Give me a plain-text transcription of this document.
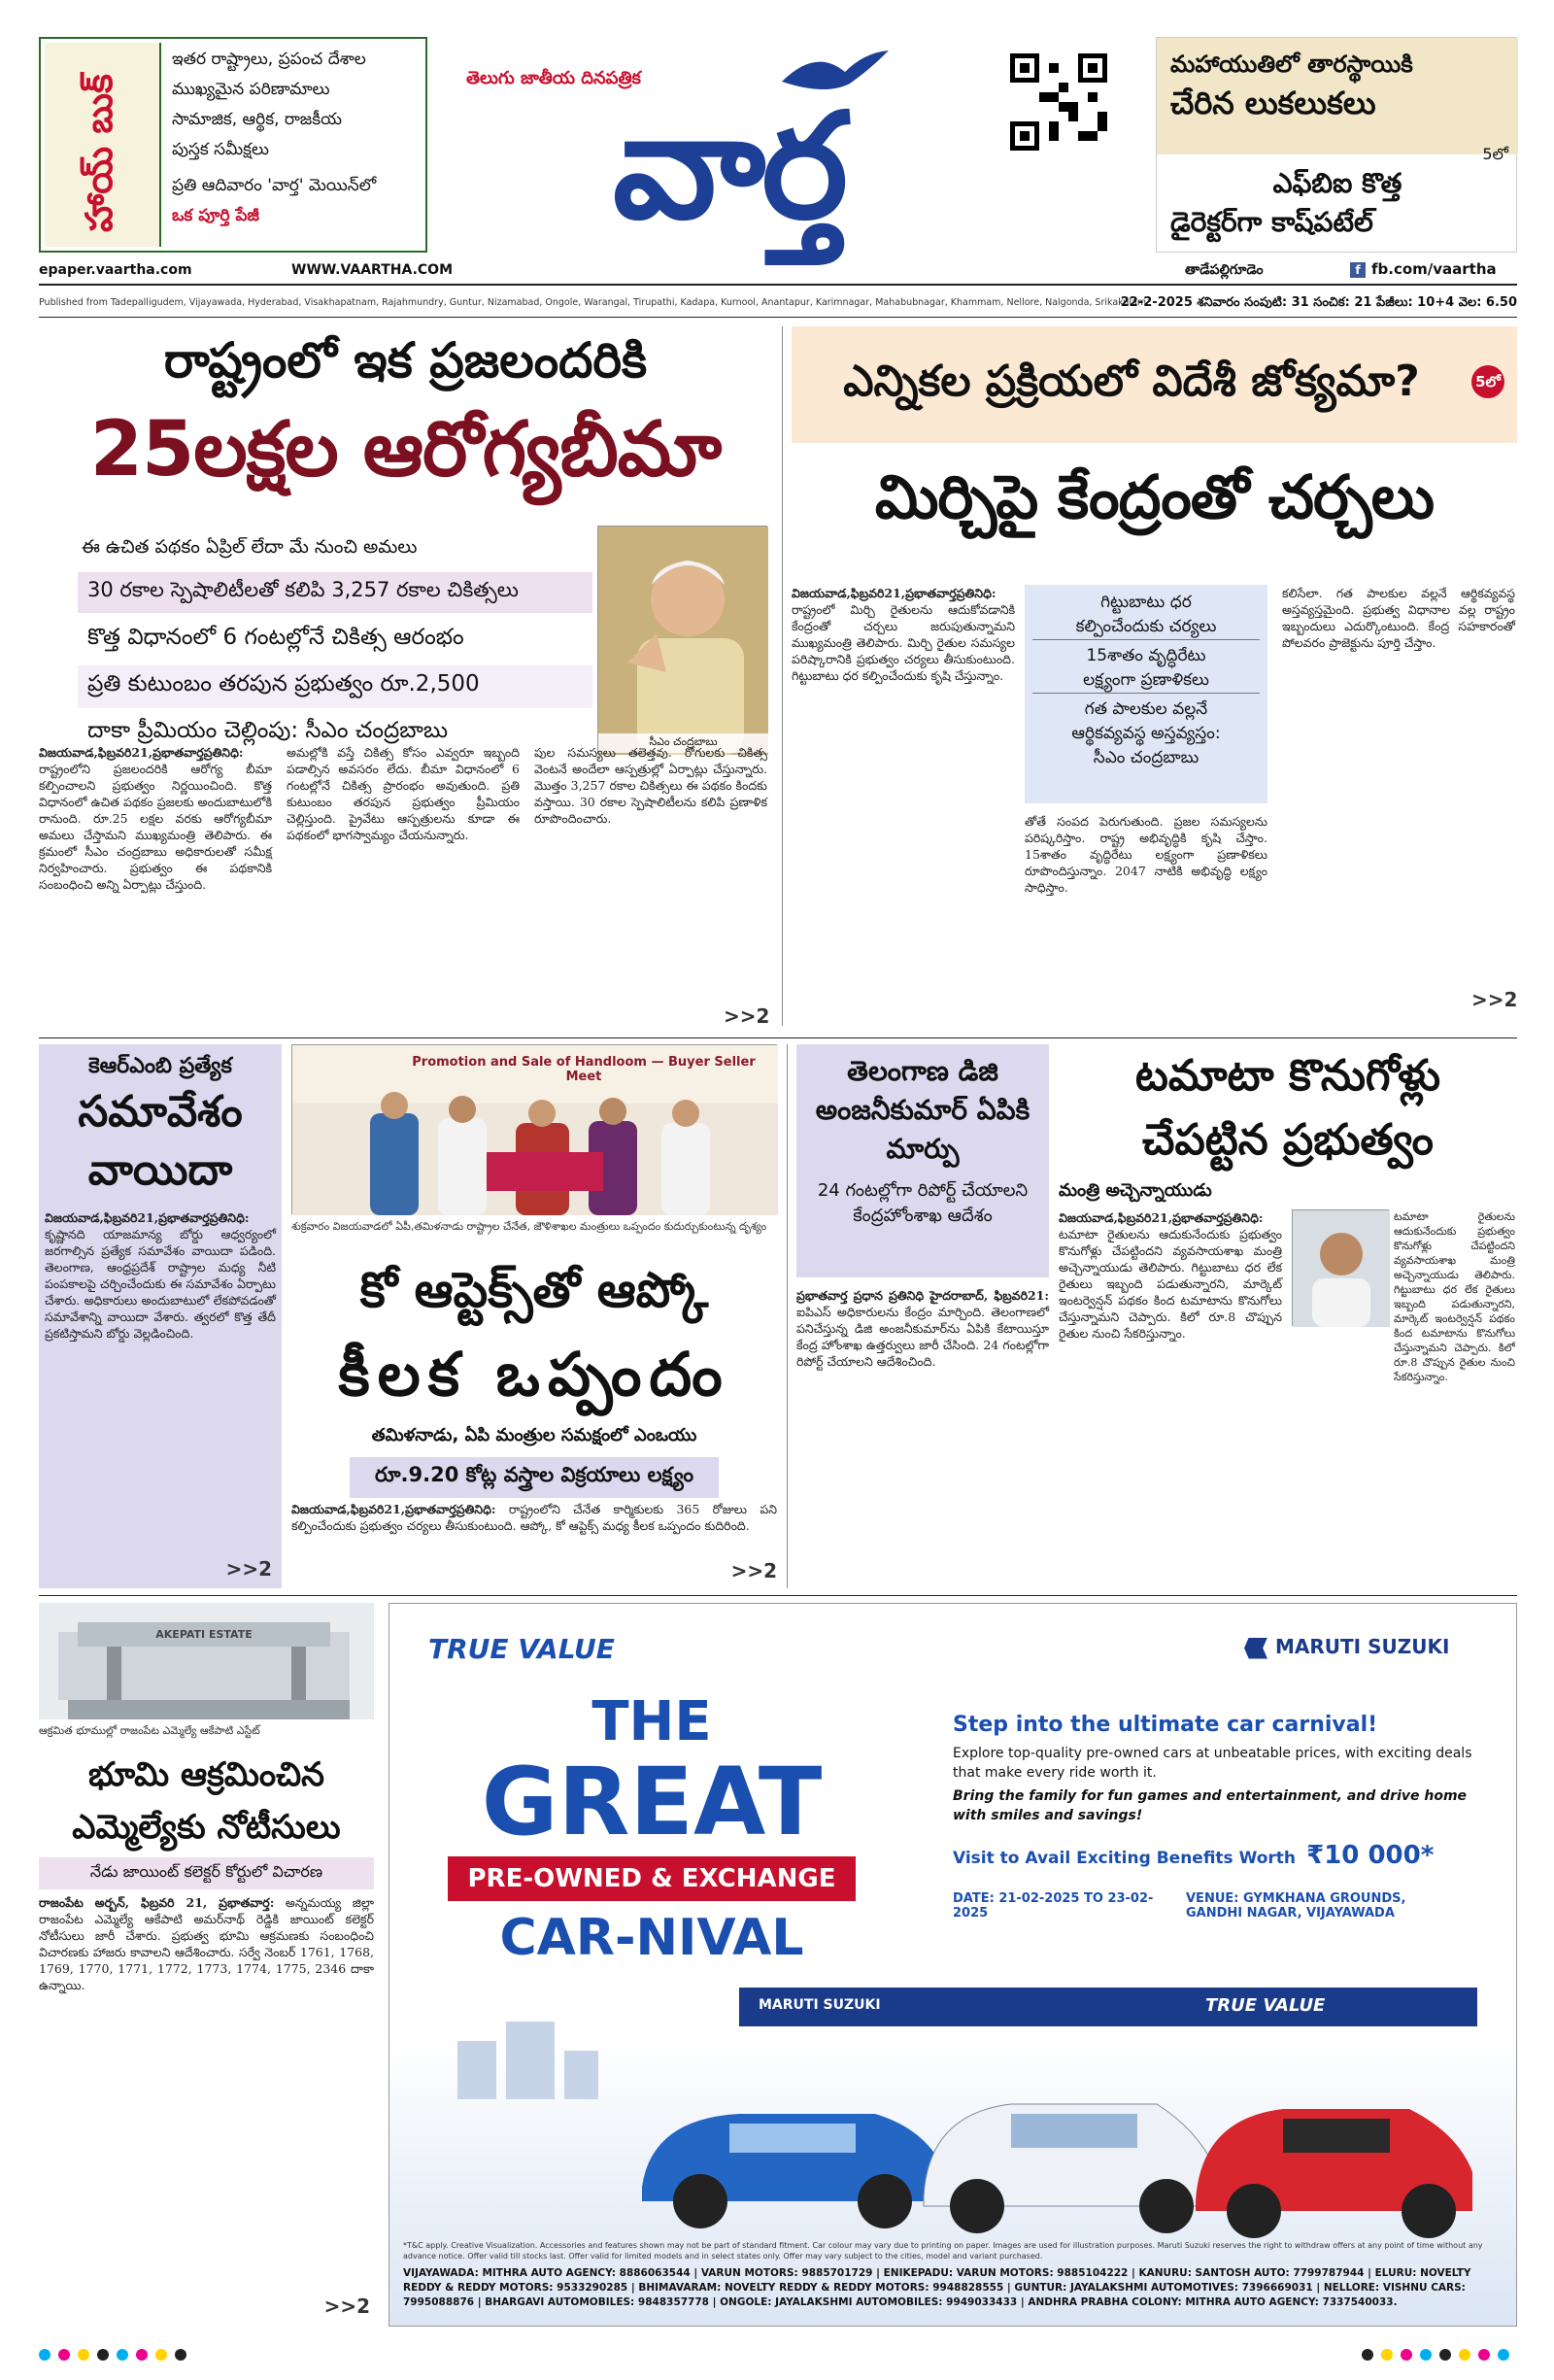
హాయ్ బుక్
ఇతర రాష్ట్రాలు, ప్రపంచ దేశాల
ముఖ్యమైన పరిణామాలు
సామాజిక, ఆర్థిక, రాజకీయ
పుస్తక సమీక్షలు
ప్రతి ఆదివారం 'వార్త' మెయిన్‌లో
ఒక పూర్తి పేజీ
epaper.vaartha.com
తెలుగు జాతీయ దినపత్రిక
వార్త
WWW.VAARTHA.COM
మహాయుతిలో తారస్థాయికి
చేరిన లుకలుకలు
5లో
ఎఫ్‌బిఐ కొత్త
డైరెక్టర్‌గా కాష్‌పటేల్
తాడేపల్లిగూడెం	f fb.com/vaartha
Published from Tadepalligudem, Vijayawada, Hyderabad, Visakhapatnam, Rajahmundry, Guntur, Nizamabad, Ongole, Warangal, Tirupathi, Kadapa, Kurnool, Anantapur, Karimnagar, Mahabubnagar, Khammam, Nellore, Nalgonda, Srikakulam
22-2-2025 శనివారం సంపుటి: 31 సంచిక: 21 పేజీలు: 10+4 వెల: 6.50
రాష్ట్రంలో ఇక ప్రజలందరికి
25లక్షల ఆరోగ్యబీమా
ఈ ఉచిత పథకం ఏప్రిల్ లేదా మే నుంచి అమలు
30 రకాల స్పెషాలిటీలతో కలిపి 3,257 రకాల చికిత్సలు
కొత్త విధానంలో 6 గంటల్లోనే చికిత్స ఆరంభం
ప్రతి కుటుంబం తరపున ప్రభుత్వం రూ.2,500
దాకా ప్రీమియం చెల్లింపు: సీఎం చంద్రబాబు	సీఎం చంద్రబాబు
విజయవాడ,ఫిబ్రవరి21,ప్రభాతవార్తప్రతినిధి: రాష్ట్రంలోని ప్రజలందరికి ఆరోగ్య బీమా కల్పించాలని ప్రభుత్వం నిర్ణయించింది. కొత్త విధానంలో ఉచిత పథకం ప్రజలకు అందుబాటులోకి రానుంది. రూ.25 లక్షల వరకు ఆరోగ్యబీమా అమలు చేస్తామని ముఖ్యమంత్రి తెలిపారు. ఈ క్రమంలో సీఎం చంద్రబాబు అధికారులతో సమీక్ష నిర్వహించారు. ప్రభుత్వం ఈ పథకానికి సంబంధించి అన్ని ఏర్పాట్లు చేస్తుంది.
అమల్లోకి వస్తే చికిత్స కోసం ఎవ్వరూ ఇబ్బంది పడాల్సిన అవసరం లేదు. బీమా విధానంలో 6 గంటల్లోనే చికిత్స ప్రారంభం అవుతుంది. ప్రతి కుటుంబం తరపున ప్రభుత్వం ప్రీమియం చెల్లిస్తుంది. ప్రైవేటు ఆస్పత్రులను కూడా ఈ పథకంలో భాగస్వామ్యం చేయనున్నారు.
పుల సమస్యలు తలెత్తవు. రోగులకు చికిత్స వెంటనే అందేలా ఆస్పత్రుల్లో ఏర్పాట్లు చేస్తున్నారు. మొత్తం 3,257 రకాల చికిత్సలు ఈ పథకం కిందకు వస్తాయి. 30 రకాల స్పెషాలిటీలను కలిపి ప్రణాళిక రూపొందించారు.
>>2
ఎన్నికల ప్రక్రియలో విదేశీ జోక్యమా?	5లో
మిర్చిపై కేంద్రంతో చర్చలు
విజయవాడ,ఫిబ్రవరి21,ప్రభాతవార్తప్రతినిధి: రాష్ట్రంలో మిర్చి రైతులను ఆదుకోవడానికి కేంద్రంతో చర్చలు జరుపుతున్నామని ముఖ్యమంత్రి తెలిపారు. మిర్చి రైతుల సమస్యల పరిష్కారానికి ప్రభుత్వం చర్యలు తీసుకుంటుంది. గిట్టుబాటు ధర కల్పించేందుకు కృషి చేస్తున్నాం.
గిట్టుబాటు ధర
కల్పించేందుకు చర్యలు
15శాతం వృద్ధిరేటు
లక్ష్యంగా ప్రణాళికలు
గత పాలకుల వల్లనే
ఆర్థికవ్యవస్థ అస్తవ్యస్తం:
సీఎం చంద్రబాబు
తోతే సంపద పెరుగుతుంది. ప్రజల సమస్యలను పరిష్కరిస్తాం. రాష్ట్ర అభివృద్ధికి కృషి చేస్తాం. 15శాతం వృద్ధిరేటు లక్ష్యంగా ప్రణాళికలు రూపొందిస్తున్నాం. 2047 నాటికి అభివృద్ధి లక్ష్యం సాధిస్తాం.
కలిసేలా. గత పాలకుల వల్లనే ఆర్థికవ్యవస్థ అస్తవ్యస్తమైంది. ప్రభుత్వ విధానాల వల్ల రాష్ట్రం ఇబ్బందులు ఎదుర్కొంటుంది. కేంద్ర సహకారంతో పోలవరం ప్రాజెక్టును పూర్తి చేస్తాం.
>>2
కెఆర్‌ఎంబి ప్రత్యేక
సమావేశం
వాయిదా
విజయవాడ,ఫిబ్రవరి21,ప్రభాతవార్తప్రతినిధి: కృష్ణానది యాజమాన్య బోర్డు ఆధ్వర్యంలో జరగాల్సిన ప్రత్యేక సమావేశం వాయిదా పడింది. తెలంగాణ, ఆంధ్రప్రదేశ్ రాష్ట్రాల మధ్య నీటి పంపకాలపై చర్చించేందుకు ఈ సమావేశం ఏర్పాటు చేశారు. అధికారులు అందుబాటులో లేకపోవడంతో సమావేశాన్ని వాయిదా వేశారు. త్వరలో కొత్త తేదీ ప్రకటిస్తామని బోర్డు వెల్లడించింది.
>>2
Promotion and Sale of Handloom — Buyer Seller Meet
శుక్రవారం విజయవాడలో ఏపీ,తమిళనాడు రాష్ట్రాల చేనేత, జౌళిశాఖల మంత్రులు ఒప్పందం కుదుర్చుకుంటున్న దృశ్యం
కో ఆప్టెక్స్‌తో ఆప్కో
కీలక ఒప్పందం
తమిళనాడు, ఏపి మంత్రుల సమక్షంలో ఎంఒయు
రూ.9.20 కోట్ల వస్త్రాల విక్రయాలు లక్ష్యం
విజయవాడ,ఫిబ్రవరి21,ప్రభాతవార్తప్రతినిధి: రాష్ట్రంలోని చేనేత కార్మికులకు 365 రోజులు పని కల్పించేందుకు ప్రభుత్వం చర్యలు తీసుకుంటుంది. ఆప్కో, కో ఆప్టెక్స్ మధ్య కీలక ఒప్పందం కుదిరింది.
>>2
తెలంగాణ డిజి అంజనీకుమార్ ఏపికి మార్పు
24 గంటల్లోగా రిపోర్ట్ చేయాలని
కేంద్రహోంశాఖ ఆదేశం
ప్రభాతవార్త ప్రధాన ప్రతినిధి హైదరాబాద్, ఫిబ్రవరి21: ఐపిఎస్ అధికారులను కేంద్రం మార్చింది. తెలంగాణలో పనిచేస్తున్న డిజి అంజనీకుమార్‌ను ఏపికి కేటాయిస్తూ కేంద్ర హోంశాఖ ఉత్తర్వులు జారీ చేసింది. 24 గంటల్లోగా రిపోర్ట్ చేయాలని ఆదేశించింది.
టమాటా కొనుగోళ్లు
చేపట్టిన ప్రభుత్వం
మంత్రి అచ్చెన్నాయుడు
విజయవాడ,ఫిబ్రవరి21,ప్రభాతవార్తప్రతినిధి: టమాటా రైతులను ఆదుకునేందుకు ప్రభుత్వం కొనుగోళ్లు చేపట్టిందని వ్యవసాయశాఖ మంత్రి అచ్చెన్నాయుడు తెలిపారు. గిట్టుబాటు ధర లేక రైతులు ఇబ్బంది పడుతున్నారని, మార్కెట్ ఇంటర్వెన్షన్ పథకం కింద టమాటాను కొనుగోలు చేస్తున్నామని చెప్పారు. కిలో రూ.8 చొప్పున రైతుల నుంచి సేకరిస్తున్నాం.
టమాటా రైతులను ఆదుకునేందుకు ప్రభుత్వం కొనుగోళ్లు చేపట్టిందని వ్యవసాయశాఖ మంత్రి అచ్చెన్నాయుడు తెలిపారు. గిట్టుబాటు ధర లేక రైతులు ఇబ్బంది పడుతున్నారని, మార్కెట్ ఇంటర్వెన్షన్ పథకం కింద టమాటాను కొనుగోలు చేస్తున్నామని చెప్పారు. కిలో రూ.8 చొప్పున రైతుల నుంచి సేకరిస్తున్నాం.
AKEPATI ESTATE
ఆక్రమిత భూముల్లో రాజంపేట ఎమ్మెల్యే ఆకేపాటి ఎస్టేట్
భూమి ఆక్రమించిన ఎమ్మెల్యేకు నోటీసులు
నేడు జాయింట్ కలెక్టర్ కోర్టులో విచారణ
రాజంపేట అర్బన్, ఫిబ్రవరి 21, ప్రభాతవార్త: అన్నమయ్య జిల్లా రాజంపేట ఎమ్మెల్యే ఆకేపాటి అమర్‌నాథ్ రెడ్డికి జాయింట్ కలెక్టర్ నోటీసులు జారీ చేశారు. ప్రభుత్వ భూమి ఆక్రమణకు సంబంధించి విచారణకు హాజరు కావాలని ఆదేశించారు. సర్వే నెంబర్ 1761, 1768, 1769, 1770, 1771, 1772, 1773, 1774, 1775, 2346 దాకా ఉన్నాయి.
>>2
TRUE VALUE	MARUTI SUZUKI
THE
GREAT
PRE-OWNED & EXCHANGE
CAR-NIVAL
Step into the ultimate car carnival!
Explore top-quality pre-owned cars at unbeatable prices, with exciting deals that make every ride worth it.
Bring the family for fun games and entertainment, and drive home with smiles and savings!
Visit to Avail Exciting Benefits Worth ₹10 000*
DATE: 21-02-2025 TO 23-02-2025
VENUE: GYMKHANA GROUNDS, GANDHI NAGAR, VIJAYAWADA
MARUTI SUZUKI	TRUE VALUE
*T&C apply. Creative Visualization. Accessories and features shown may not be part of standard fitment. Car colour may vary due to printing on paper. Images are used for illustration purposes. Maruti Suzuki reserves the right to withdraw offers at any point of time without any advance notice. Offer valid till stocks last. Offer valid for limited models and in select states only. Offer may vary subject to the cities, model and variant purchased.
VIJAYAWADA: MITHRA AUTO AGENCY: 8886063544 | VARUN MOTORS: 9885701729 | ENIKEPADU: VARUN MOTORS: 9885104222 | KANURU: SANTOSH AUTO: 7799787944 | ELURU: NOVELTY REDDY & REDDY MOTORS: 9533290285 | BHIMAVARAM: NOVELTY REDDY & REDDY MOTORS: 9948828555 | GUNTUR: JAYALAKSHMI AUTOMOTIVES: 7396669031 | NELLORE: VISHNU CARS: 7995088876 | BHARGAVI AUTOMOBILES: 9848357778 | ONGOLE: JAYALAKSHMI AUTOMOBILES: 9949033433 | ANDHRA PRABHA COLONY: MITHRA AUTO AGENCY: 7337540033.
